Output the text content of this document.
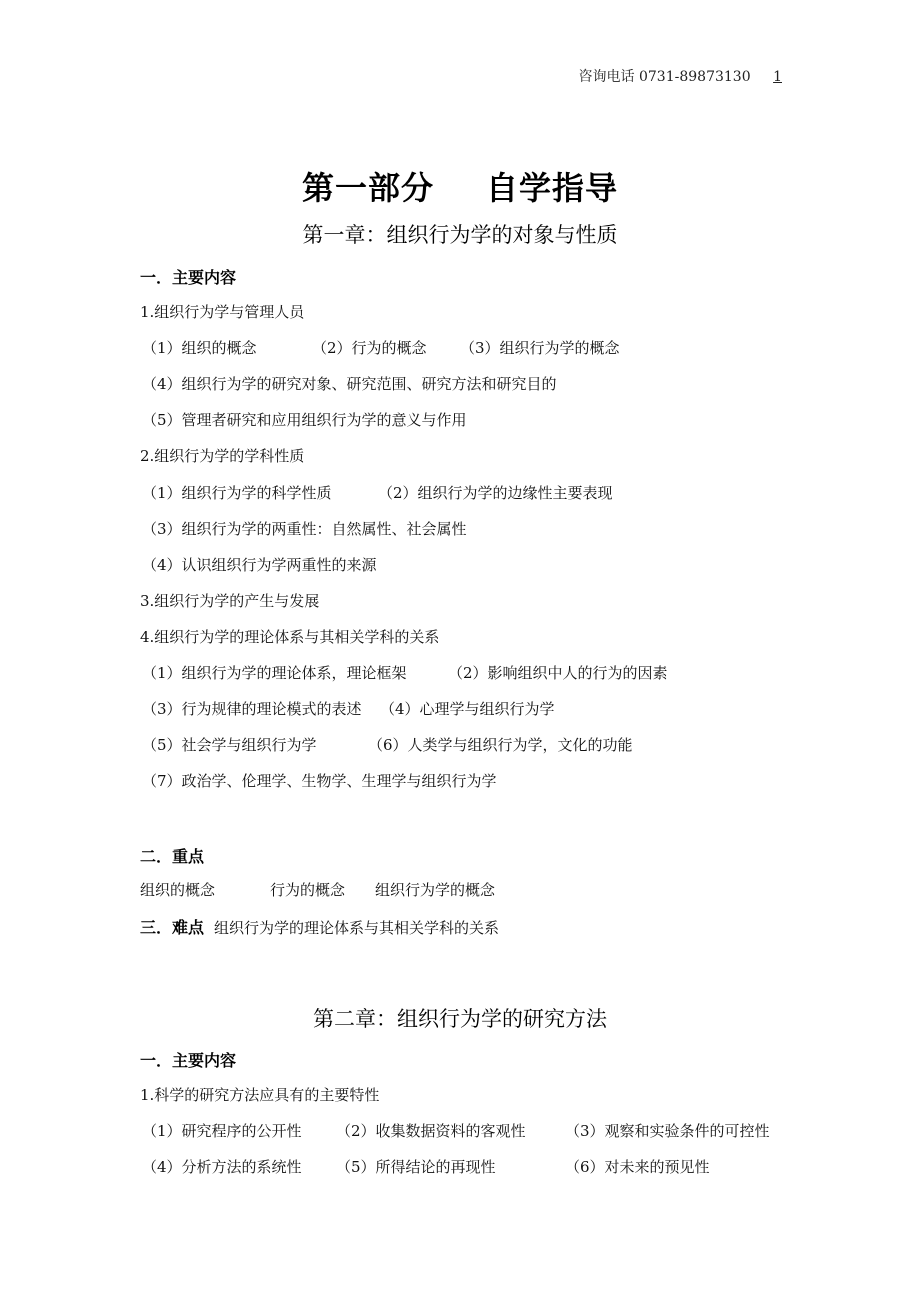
咨询电话 0731-89873130 1
第一部分 自学指导
第一章：组织行为学的对象与性质
一．主要内容
1.组织行为学与管理人员
（1）组织的概念	（2）行为的概念 （3）组织行为学的概念
（4）组织行为学的研究对象、研究范围、研究方法和研究目的
（5）管理者研究和应用组织行为学的意义与作用
2.组织行为学的学科性质
（1）组织行为学的科学性质	（2）组织行为学的边缘性主要表现
（3）组织行为学的两重性：自然属性、社会属性
（4）认识组织行为学两重性的来源
3.组织行为学的产生与发展
4.组织行为学的理论体系与其相关学科的关系
（1）组织行为学的理论体系，理论框架	（2）影响组织中人的行为的因素
（3）行为规律的理论模式的表述 （4）心理学与组织行为学
（5）社会学与组织行为学	（6）人类学与组织行为学，文化的功能
（7）政治学、伦理学、生物学、生理学与组织行为学
二．重点
组织的概念	行为的概念 组织行为学的概念
三．难点 组织行为学的理论体系与其相关学科的关系
第二章：组织行为学的研究方法
一．主要内容
1.科学的研究方法应具有的主要特性
（1）研究程序的公开性 （2）收集数据资料的客观性	（3）观察和实验条件的可控性
（4）分析方法的系统性 （5）所得结论的再现性	（6）对未来的预见性
